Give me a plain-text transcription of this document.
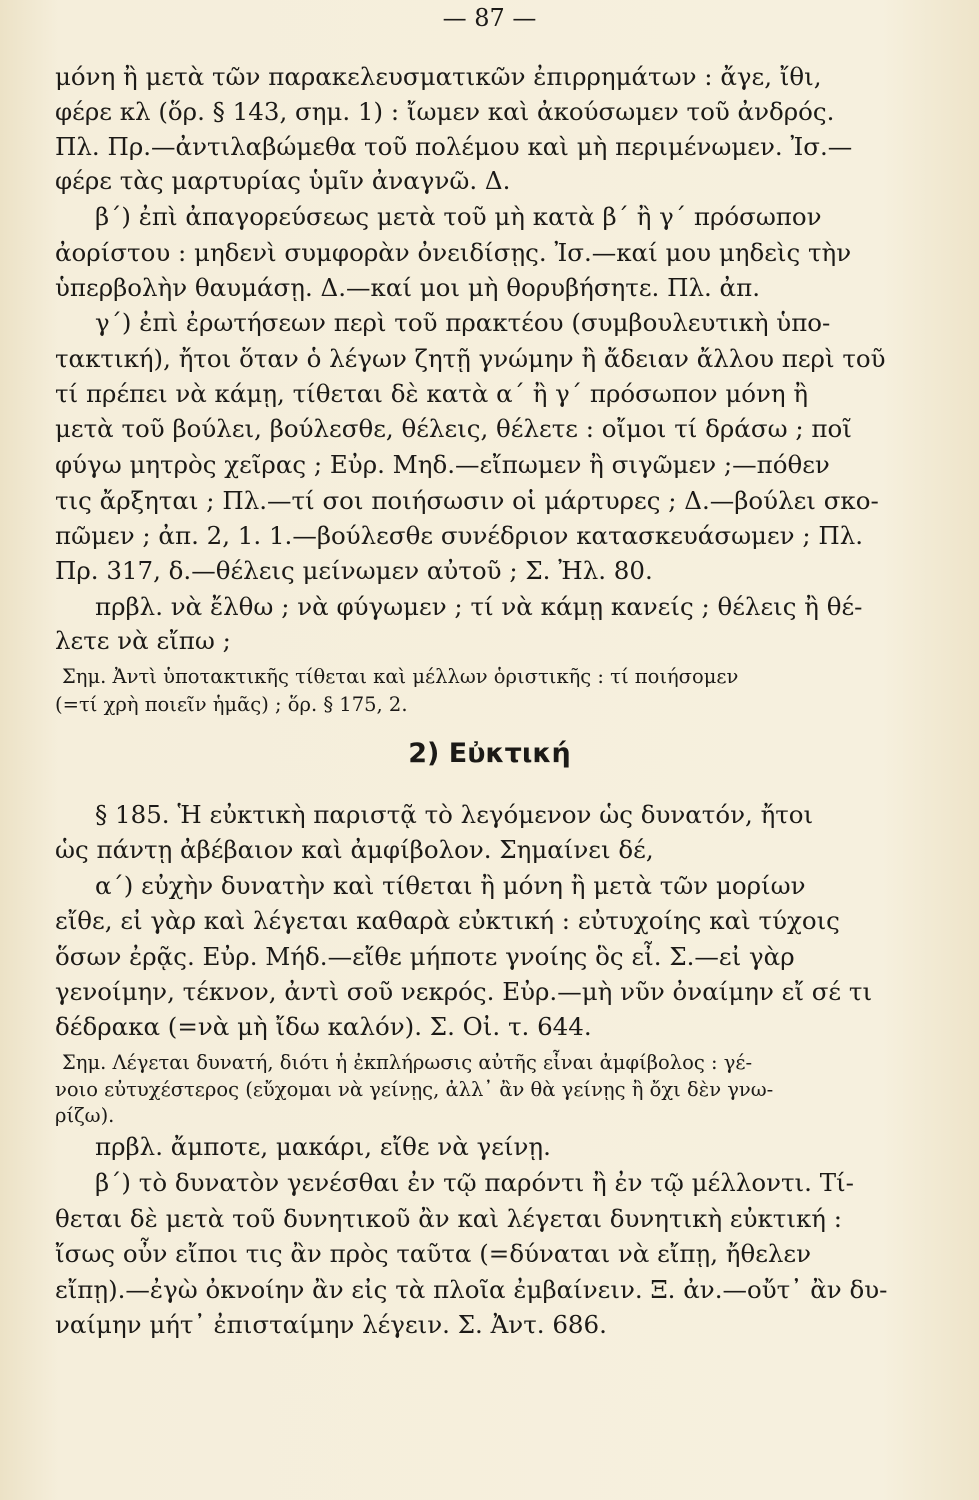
— 87 —
μόνη ἢ μετὰ τῶν παρακελευσματικῶν ἐπιρρημάτων : ἄγε, ἴθι,
φέρε κλ (ὅρ. § 143, σημ. 1) : ἴωμεν καὶ ἀκούσωμεν τοῦ ἀνδρός.
Πλ. Πρ.—ἀντιλαβώμεθα τοῦ πολέμου καὶ μὴ περιμένωμεν. Ἰσ.—
φέρε τὰς μαρτυρίας ὑμῖν ἀναγνῶ. Δ.
β´) ἐπὶ ἀπαγορεύσεως μετὰ τοῦ μὴ κατὰ β´ ἢ γ´ πρόσωπον
ἀορίστου : μηδενὶ συμφορὰν ὀνειδίσῃς. Ἰσ.—καί μου μηδεὶς τὴν
ὑπερβολὴν θαυμάσῃ. Δ.—καί μοι μὴ θορυβήσητε. Πλ. ἀπ.
γ´) ἐπὶ ἐρωτήσεων περὶ τοῦ πρακτέου (συμβουλευτικὴ ὑπο-
τακτική), ἤτοι ὅταν ὁ λέγων ζητῇ γνώμην ἢ ἄδειαν ἄλλου περὶ τοῦ
τί πρέπει νὰ κάμῃ, τίθεται δὲ κατὰ α´ ἢ γ´ πρόσωπον μόνη ἢ
μετὰ τοῦ βούλει, βούλεσθε, θέλεις, θέλετε : οἴμοι τί δράσω ; ποῖ
φύγω μητρὸς χεῖρας ; Εὐρ. Μηδ.—εἴπωμεν ἢ σιγῶμεν ;—πόθεν
τις ἄρξηται ; Πλ.—τί σοι ποιήσωσιν οἱ μάρτυρες ; Δ.—βούλει σκο-
πῶμεν ; ἀπ. 2, 1. 1.—βούλεσθε συνέδριον κατασκευάσωμεν ; Πλ.
Πρ. 317, δ.—θέλεις μείνωμεν αὐτοῦ ; Σ. Ἠλ. 80.
πρβλ. νὰ ἔλθω ; νὰ φύγωμεν ; τί νὰ κάμῃ κανείς ; θέλεις ἢ θέ-
λετε νὰ εἴπω ;
Σημ. Ἀντὶ ὑποτακτικῆς τίθεται καὶ μέλλων ὁριστικῆς : τί ποιήσομεν
(=τί χρὴ ποιεῖν ἡμᾶς) ; ὅρ. § 175, 2.
2) Εὐκτική
§ 185. Ἡ εὐκτικὴ παριστᾷ τὸ λεγόμενον ὡς δυνατόν, ἤτοι
ὡς πάντῃ ἀβέβαιον καὶ ἀμφίβολον. Σημαίνει δέ,
α´) εὐχὴν δυνατὴν καὶ τίθεται ἢ μόνη ἢ μετὰ τῶν μορίων
εἴθε, εἰ γὰρ καὶ λέγεται καθαρὰ εὐκτική : εὐτυχοίης καὶ τύχοις
ὅσων ἐρᾷς. Εὐρ. Μήδ.—εἴθε μήποτε γνοίης ὃς εἶ. Σ.—εἰ γὰρ
γενοίμην, τέκνον, ἀντὶ σοῦ νεκρός. Εὐρ.—μὴ νῦν ὀναίμην εἴ σέ τι
δέδρακα (=νὰ μὴ ἴδω καλόν). Σ. Οἰ. τ. 644.
Σημ. Λέγεται δυνατή, διότι ἡ ἐκπλήρωσις αὐτῆς εἶναι ἀμφίβολος : γέ-
νοιο εὐτυχέστερος (εὔχομαι νὰ γείνῃς, ἀλλ᾽ ἂν θὰ γείνῃς ἢ ὄχι δὲν γνω-
ρίζω).
πρβλ. ἄμποτε, μακάρι, εἴθε νὰ γείνῃ.
β´) τὸ δυνατὸν γενέσθαι ἐν τῷ παρόντι ἢ ἐν τῷ μέλλοντι. Τί-
θεται δὲ μετὰ τοῦ δυνητικοῦ ἂν καὶ λέγεται δυνητικὴ εὐκτική :
ἴσως οὖν εἴποι τις ἂν πρὸς ταῦτα (=δύναται νὰ εἴπῃ, ἤθελεν
εἴπῃ).—ἐγὼ ὀκνοίην ἂν εἰς τὰ πλοῖα ἐμβαίνειν. Ξ. ἀν.—οὔτ᾽ ἂν δυ-
ναίμην μήτ᾽ ἐπισταίμην λέγειν. Σ. Ἀντ. 686.
